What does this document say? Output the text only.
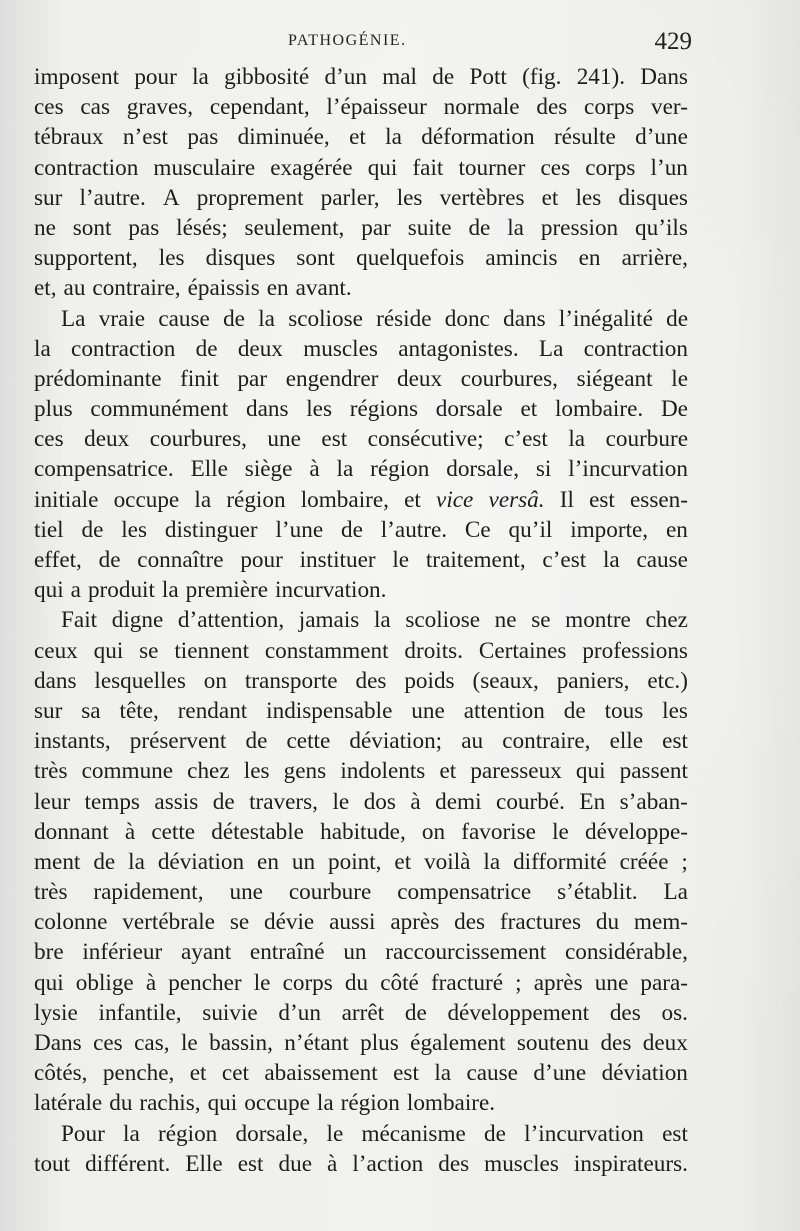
PATHOGÉNIE.	429
imposent pour la gibbosité d’un mal de Pott (fig. 241). Dans
ces cas graves, cependant, l’épaisseur normale des corps ver-
tébraux n’est pas diminuée, et la déformation résulte d’une
contraction musculaire exagérée qui fait tourner ces corps l’un
sur l’autre. A proprement parler, les vertèbres et les disques
ne sont pas lésés; seulement, par suite de la pression qu’ils
supportent, les disques sont quelquefois amincis en arrière,
et, au contraire, épaissis en avant.
La vraie cause de la scoliose réside donc dans l’inégalité de
la contraction de deux muscles antagonistes. La contraction
prédominante finit par engendrer deux courbures, siégeant le
plus communément dans les régions dorsale et lombaire. De
ces deux courbures, une est consécutive; c’est la courbure
compensatrice. Elle siège à la région dorsale, si l’incurvation
initiale occupe la région lombaire, et vice versâ. Il est essen-
tiel de les distinguer l’une de l’autre. Ce qu’il importe, en
effet, de connaître pour instituer le traitement, c’est la cause
qui a produit la première incurvation.
Fait digne d’attention, jamais la scoliose ne se montre chez
ceux qui se tiennent constamment droits. Certaines professions
dans lesquelles on transporte des poids (seaux, paniers, etc.)
sur sa tête, rendant indispensable une attention de tous les
instants, préservent de cette déviation; au contraire, elle est
très commune chez les gens indolents et paresseux qui passent
leur temps assis de travers, le dos à demi courbé. En s’aban-
donnant à cette détestable habitude, on favorise le développe-
ment de la déviation en un point, et voilà la difformité créée ;
très rapidement, une courbure compensatrice s’établit. La
colonne vertébrale se dévie aussi après des fractures du mem-
bre inférieur ayant entraîné un raccourcissement considérable,
qui oblige à pencher le corps du côté fracturé ; après une para-
lysie infantile, suivie d’un arrêt de développement des os.
Dans ces cas, le bassin, n’étant plus également soutenu des deux
côtés, penche, et cet abaissement est la cause d’une déviation
latérale du rachis, qui occupe la région lombaire.
Pour la région dorsale, le mécanisme de l’incurvation est
tout différent. Elle est due à l’action des muscles inspirateurs.
